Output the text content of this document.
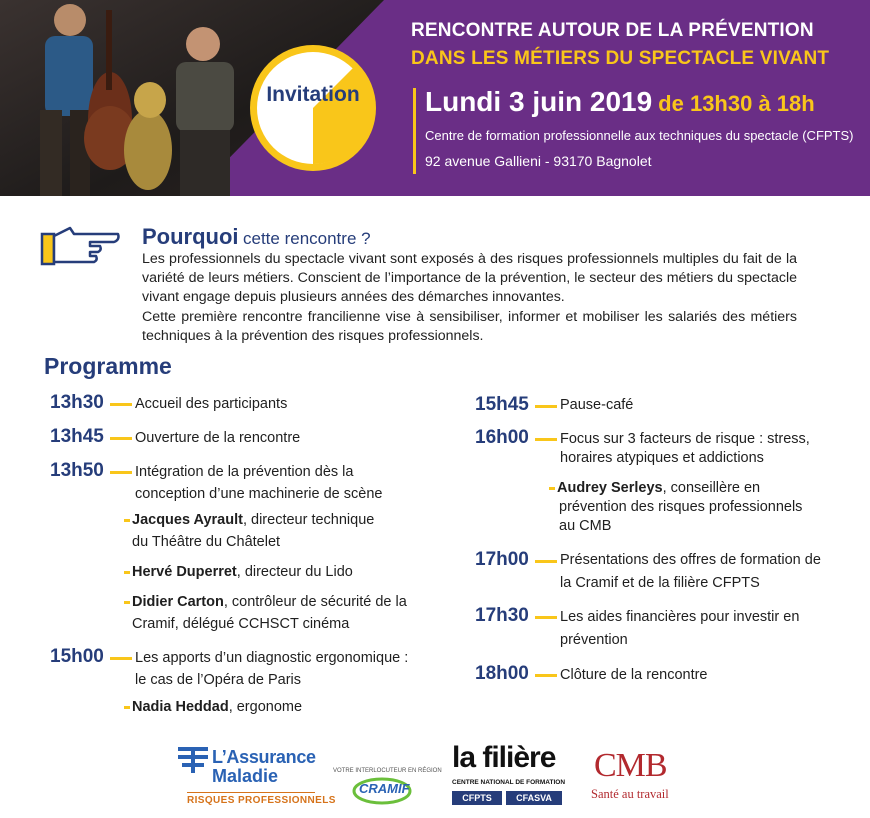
Invitation
RENCONTRE AUTOUR DE LA PRÉVENTION
DANS LES MÉTIERS DU SPECTACLE VIVANT
Lundi 3 juin 2019 de 13h30 à 18h
Centre de formation professionnelle aux techniques du spectacle (CFPTS)
92 avenue Gallieni - 93170 Bagnolet
Pourquoi cette rencontre ?

Les professionnels du spectacle vivant sont exposés à des risques professionnels multiples du fait de la variété de leurs métiers. Conscient de l’importance de la prévention, le secteur des métiers du spectacle vivant engage depuis plusieurs années des démarches innovantes.

Cette première rencontre francilienne vise à sensibiliser, informer et mobiliser les salariés des métiers techniques à la prévention des risques professionnels.

Programme
13h30 Accueil des participants
13h45 Ouverture de la rencontre
13h50 Intégration de la prévention dès la
conception d’une machinerie de scène
Jacques Ayrault, directeur technique
du Théâtre du Châtelet
Hervé Duperret, directeur du Lido
Didier Carton, contrôleur de sécurité de la
Cramif, délégué CCHSCT cinéma
15h00 Les apports d’un diagnostic ergonomique :
le cas de l’Opéra de Paris
Nadia Heddad, ergonome
15h45 Pause-café
16h00 Focus sur 3 facteurs de risque : stress,
horaires atypiques et addictions
Audrey Serleys, conseillère en
prévention des risques professionnels
au CMB
17h00 Présentations des offres de formation de
la Cramif et de la filière CFPTS
17h30 Les aides financières pour investir en
prévention
18h00 Clôture de la rencontre
L’Assurance
Maladie
RISQUES PROFESSIONNELS
VOTRE INTERLOCUTEUR EN RÉGION
CRAMIF
la filière
CENTRE NATIONAL DE FORMATION
CFPTS	CFASVA
CMB
Santé au travail
